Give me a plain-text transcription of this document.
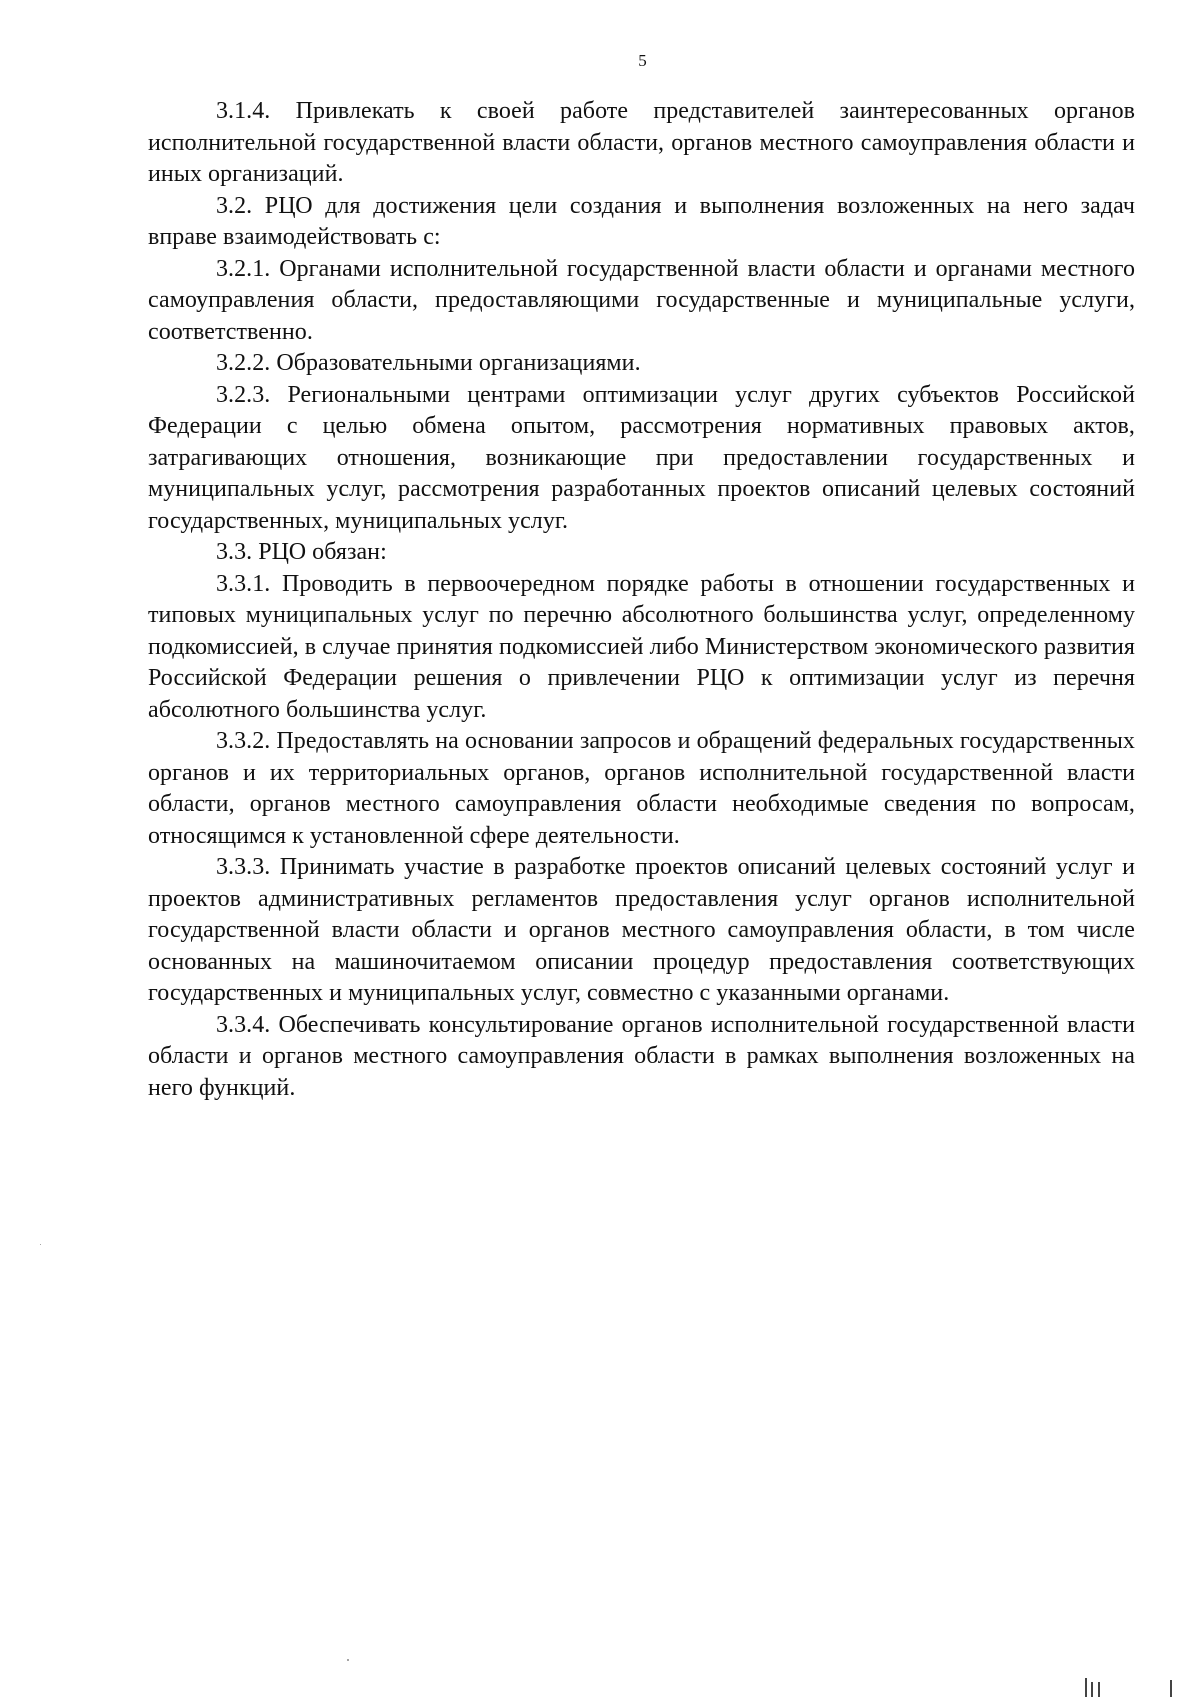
5

3.1.4. Привлекать к своей работе представителей заинтересованных органов исполнительной государственной власти области, органов местного самоуправления области и иных организаций.

3.2. РЦО для достижения цели создания и выполнения возложенных на него задач вправе взаимодействовать с:

3.2.1. Органами исполнительной государственной власти области и органами местного самоуправления области, предоставляющими государственные и муниципальные услуги, соответственно.

3.2.2. Образовательными организациями.

3.2.3. Региональными центрами оптимизации услуг других субъектов Российской Федерации с целью обмена опытом, рассмотрения нормативных правовых актов, затрагивающих отношения, возникающие при предоставлении государственных и муниципальных услуг, рассмотрения разработанных проектов описаний целевых состояний государственных, муниципальных услуг.

3.3. РЦО обязан:

3.3.1. Проводить в первоочередном порядке работы в отношении государственных и типовых муниципальных услуг по перечню абсолютного большинства услуг, определенному подкомиссией, в случае принятия подкомиссией либо Министерством экономического развития Российской Федерации решения о привлечении РЦО к оптимизации услуг из перечня абсолютного большинства услуг.

3.3.2. Предоставлять на основании запросов и обращений федеральных государственных органов и их территориальных органов, органов исполнительной государственной власти области, органов местного самоуправления области необходимые сведения по вопросам, относящимся к установленной сфере деятельности.

3.3.3. Принимать участие в разработке проектов описаний целевых состояний услуг и проектов административных регламентов предоставления услуг органов исполнительной государственной власти области и органов местного самоуправления области, в том числе основанных на машиночитаемом описании процедур предоставления соответствующих государственных и муниципальных услуг, совместно с указанными органами.

3.3.4. Обеспечивать консультирование органов исполнительной государственной власти области и органов местного самоуправления области в рамках выполнения возложенных на него функций.
